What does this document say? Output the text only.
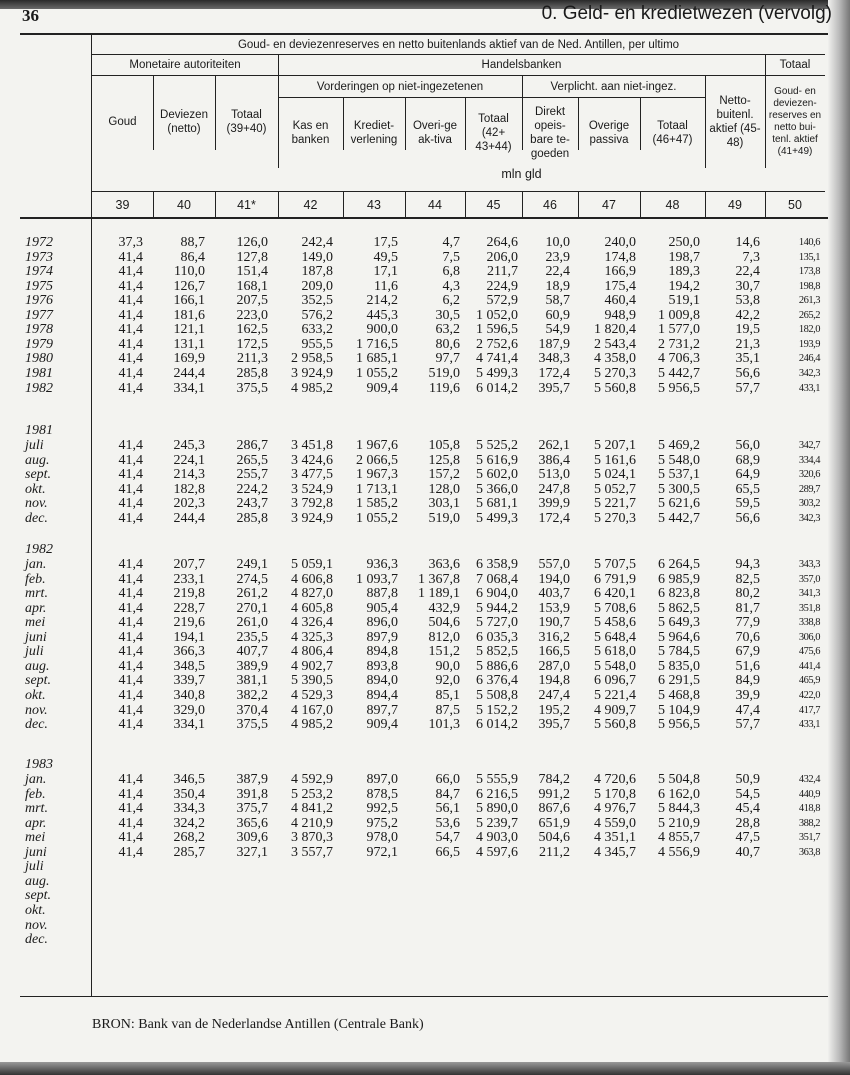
36	0. Geld- en kredietwezen (vervolg)
Goud- en deviezenreserves en netto buitenlands aktief van de Ned. Antillen, per ultimo
Monetaire autoriteiten	Handelsbanken	Totaal
Vorderingen op niet-ingezetenen	Verplicht. aan niet-ingez.
Goud
Deviezen (netto)
Totaal (39+40)	Kas en banken
Krediet-verlening
Overi-ge ak-tiva
Totaal (42+ 43+44)
Direkt opeis-bare te-goeden
Overige passiva
Totaal (46+47)
Netto-buitenl. aktief (45-48)
Goud- en deviezen-reserves en netto bui-tenl. aktief (41+49)
mln gld
39	40	41*	42	43	44	45	46	47	48	49	50
1972	37,3	88,7	126,0	242,4	17,5	4,7	264,6	10,0	240,0	250,0	14,6	140,6
1973	41,4	86,4	127,8	149,0	49,5	7,5	206,0	23,9	174,8	198,7	7,3	135,1
1974	41,4	110,0	151,4	187,8	17,1	6,8	211,7	22,4	166,9	189,3	22,4	173,8
1975	41,4	126,7	168,1	209,0	11,6	4,3	224,9	18,9	175,4	194,2	30,7	198,8
1976	41,4	166,1	207,5	352,5	214,2	6,2	572,9	58,7	460,4	519,1	53,8	261,3
1977	41,4	181,6	223,0	576,2	445,3	30,5	1 052,0	60,9	948,9	1 009,8	42,2	265,2
1978	41,4	121,1	162,5	633,2	900,0	63,2	1 596,5	54,9	1 820,4	1 577,0	19,5	182,0
1979	41,4	131,1	172,5	955,5	1 716,5	80,6	2 752,6	187,9	2 543,4	2 731,2	21,3	193,9
1980	41,4	169,9	211,3	2 958,5	1 685,1	97,7	4 741,4	348,3	4 358,0	4 706,3	35,1	246,4
1981	41,4	244,4	285,8	3 924,9	1 055,2	519,0	5 499,3	172,4	5 270,3	5 442,7	56,6	342,3
1982	41,4	334,1	375,5	4 985,2	909,4	119,6	6 014,2	395,7	5 560,8	5 956,5	57,7	433,1
1981
juli	41,4	245,3	286,7	3 451,8	1 967,6	105,8	5 525,2	262,1	5 207,1	5 469,2	56,0	342,7
aug.	41,4	224,1	265,5	3 424,6	2 066,5	125,8	5 616,9	386,4	5 161,6	5 548,0	68,9	334,4
sept.	41,4	214,3	255,7	3 477,5	1 967,3	157,2	5 602,0	513,0	5 024,1	5 537,1	64,9	320,6
okt.	41,4	182,8	224,2	3 524,9	1 713,1	128,0	5 366,0	247,8	5 052,7	5 300,5	65,5	289,7
nov.	41,4	202,3	243,7	3 792,8	1 585,2	303,1	5 681,1	399,9	5 221,7	5 621,6	59,5	303,2
dec.	41,4	244,4	285,8	3 924,9	1 055,2	519,0	5 499,3	172,4	5 270,3	5 442,7	56,6	342,3
1982
jan.	41,4	207,7	249,1	5 059,1	936,3	363,6	6 358,9	557,0	5 707,5	6 264,5	94,3	343,3
feb.	41,4	233,1	274,5	4 606,8	1 093,7	1 367,8	7 068,4	194,0	6 791,9	6 985,9	82,5	357,0
mrt.	41,4	219,8	261,2	4 827,0	887,8	1 189,1	6 904,0	403,7	6 420,1	6 823,8	80,2	341,3
apr.	41,4	228,7	270,1	4 605,8	905,4	432,9	5 944,2	153,9	5 708,6	5 862,5	81,7	351,8
mei	41,4	219,6	261,0	4 326,4	896,0	504,6	5 727,0	190,7	5 458,6	5 649,3	77,9	338,8
juni	41,4	194,1	235,5	4 325,3	897,9	812,0	6 035,3	316,2	5 648,4	5 964,6	70,6	306,0
juli	41,4	366,3	407,7	4 806,4	894,8	151,2	5 852,5	166,5	5 618,0	5 784,5	67,9	475,6
aug.	41,4	348,5	389,9	4 902,7	893,8	90,0	5 886,6	287,0	5 548,0	5 835,0	51,6	441,4
sept.	41,4	339,7	381,1	5 390,5	894,0	92,0	6 376,4	194,8	6 096,7	6 291,5	84,9	465,9
okt.	41,4	340,8	382,2	4 529,3	894,4	85,1	5 508,8	247,4	5 221,4	5 468,8	39,9	422,0
nov.	41,4	329,0	370,4	4 167,0	897,7	87,5	5 152,2	195,2	4 909,7	5 104,9	47,4	417,7
dec.	41,4	334,1	375,5	4 985,2	909,4	101,3	6 014,2	395,7	5 560,8	5 956,5	57,7	433,1
1983
jan.	41,4	346,5	387,9	4 592,9	897,0	66,0	5 555,9	784,2	4 720,6	5 504,8	50,9	432,4
feb.	41,4	350,4	391,8	5 253,2	878,5	84,7	6 216,5	991,2	5 170,8	6 162,0	54,5	440,9
mrt.	41,4	334,3	375,7	4 841,2	992,5	56,1	5 890,0	867,6	4 976,7	5 844,3	45,4	418,8
apr.	41,4	324,2	365,6	4 210,9	975,2	53,6	5 239,7	651,9	4 559,0	5 210,9	28,8	388,2
mei	41,4	268,2	309,6	3 870,3	978,0	54,7	4 903,0	504,6	4 351,1	4 855,7	47,5	351,7
juni	41,4	285,7	327,1	3 557,7	972,1	66,5	4 597,6	211,2	4 345,7	4 556,9	40,7	363,8
juli
aug.
sept.
okt.
nov.
dec.
BRON: Bank van de Nederlandse Antillen (Centrale Bank)
